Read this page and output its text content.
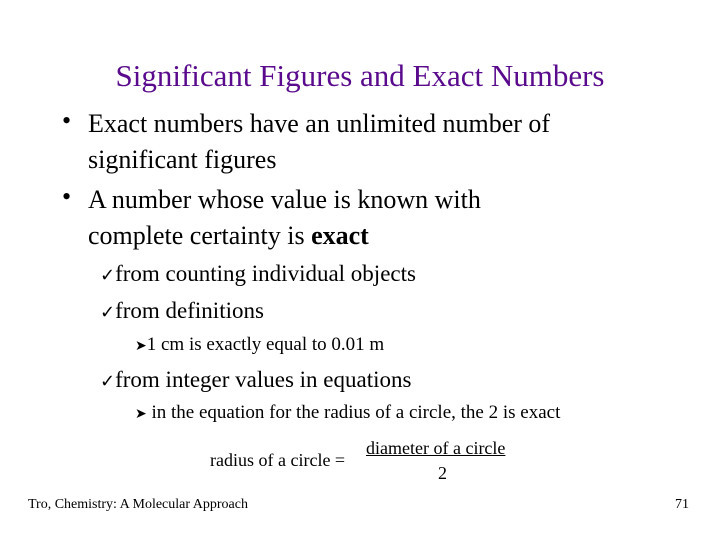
Significant Figures and Exact Numbers
• Exact numbers have an unlimited number of
significant figures
• A number whose value is known with
complete certainty is exact
✓from counting individual objects
✓from definitions
➤1 cm is exactly equal to 0.01 m
✓from integer values in equations
➤ in the equation for the radius of a circle, the 2 is exact
radius of a circle =
diameter of a circle
2
Tro, Chemistry: A Molecular Approach	71
